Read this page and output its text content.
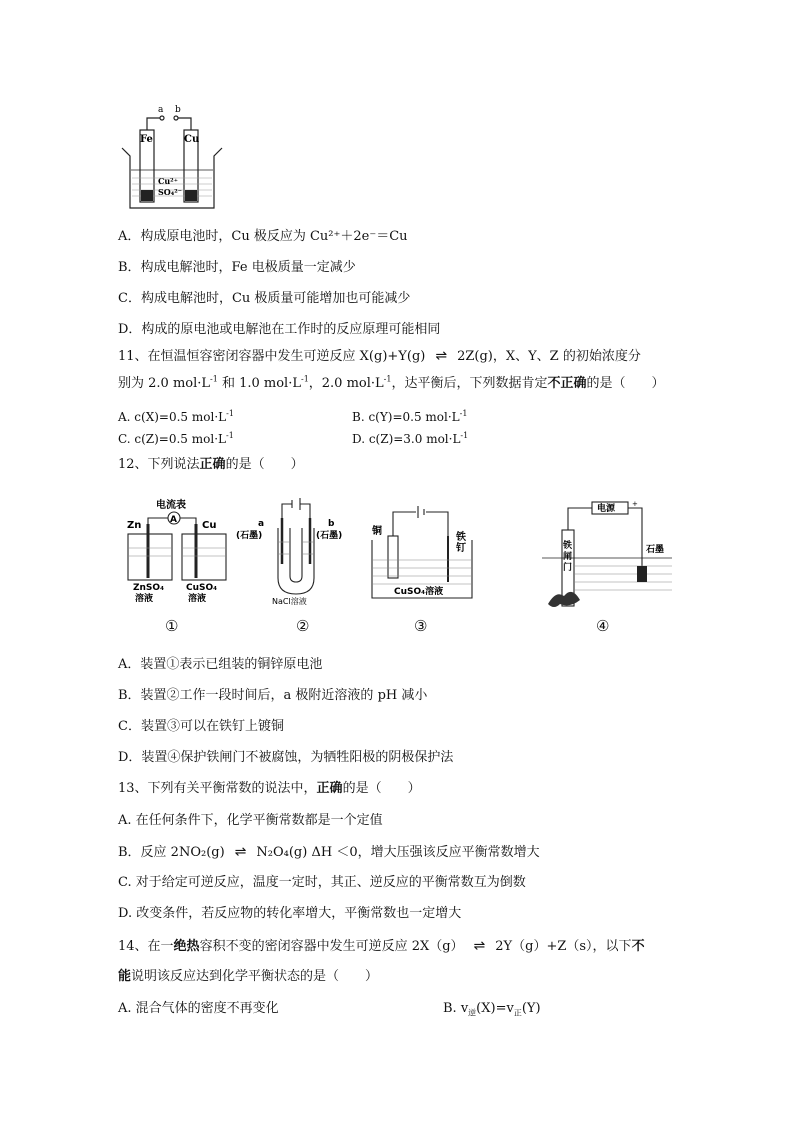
a b
Fe	Cu
Cu²⁺
SO₄²⁻
A．构成原电池时，Cu 极反应为 Cu²⁺＋2e⁻＝Cu
B．构成电解池时，Fe 电极质量一定减少
C．构成电解池时，Cu 极质量可能增加也可能减少
D．构成的原电池或电解池在工作时的反应原理可能相同
11、在恒温恒容密闭容器中发生可逆反应 X(g)+Y(g) ⇌ 2Z(g)，X、Y、Z 的初始浓度分
别为 2.0 $mol\cdot L^{-1}$ 和 1.0 $mol\cdot L^{-1}$，2.0 $mol\cdot L^{-1}$，达平衡后，下列数据肯定不正确的是（　　）
A. c(X)=0.5 $mol\cdot L^{-1}$	B. c(Y)=0.5 $mol\cdot L^{-1}$
C. c(Z)=0.5 $mol\cdot L^{-1}$	D. c(Z)=3.0 $mol\cdot L^{-1}$
12、下列说法正确的是（　　）
电流表
A
Zn	Cu
ZnSO₄ 溶液
CuSO₄ 溶液
a	b
(石墨)	(石墨)
NaCl溶液
铜
铁钉
CuSO₄溶液
电源 +
铁闸门
石墨
①	②	③	④
A．装置①表示已组装的铜锌原电池
B．装置②工作一段时间后，a 极附近溶液的 pH 减小
C．装置③可以在铁钉上镀铜
D．装置④保护铁闸门不被腐蚀，为牺牲阳极的阴极保护法
13、下列有关平衡常数的说法中，正确的是（　　）
A. 在任何条件下，化学平衡常数都是一个定值
B．反应 2NO₂(g) ⇌ N₂O₄(g) ΔH ＜0，增大压强该反应平衡常数增大
C. 对于给定可逆反应，温度一定时，其正、逆反应的平衡常数互为倒数
D. 改变条件，若反应物的转化率增大，平衡常数也一定增大
14、在一绝热容积不变的密闭容器中发生可逆反应 2X（g） ⇌ 2Y（g）+Z（s），以下不
能说明该反应达到化学平衡状态的是（　　）
A. 混合气体的密度不再变化	B. $v_逆(X)=v_正(Y)$
